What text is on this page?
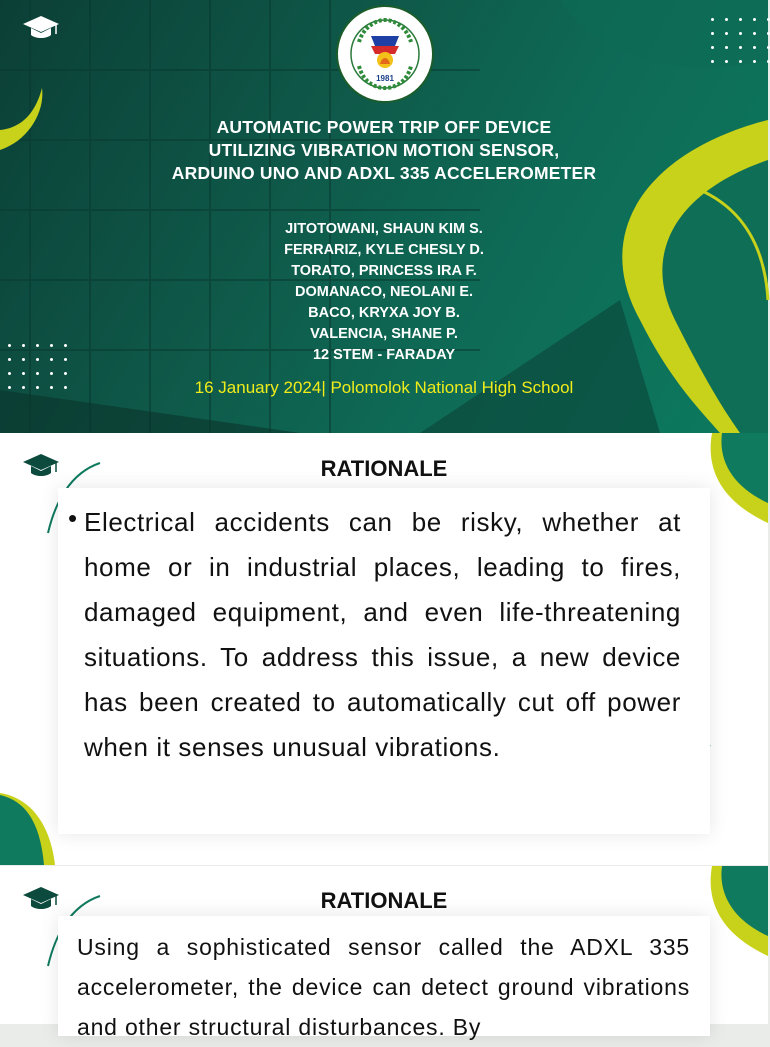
1981
AUTOMATIC POWER TRIP OFF DEVICE
UTILIZING VIBRATION MOTION SENSOR,
ARDUINO UNO AND ADXL 335 ACCELEROMETER
JITOTOWANI, SHAUN KIM S.
FERRARIZ, KYLE CHESLY D.
TORATO, PRINCESS IRA F.
DOMANACO, NEOLANI E.
BACO, KRYXA JOY B.
VALENCIA, SHANE P.
12 STEM - FARADAY
16 January 2024| Polomolok National High School
RATIONALE
• Electrical accidents can be risky, whether at home or in industrial places, leading to fires, damaged equipment, and even life-threatening situations. To address this issue, a new device has been created to automatically cut off power when it senses unusual vibrations.
RATIONALE
Using a sophisticated sensor called the ADXL 335 accelerometer, the device can detect ground vibrations and other structural disturbances. By
